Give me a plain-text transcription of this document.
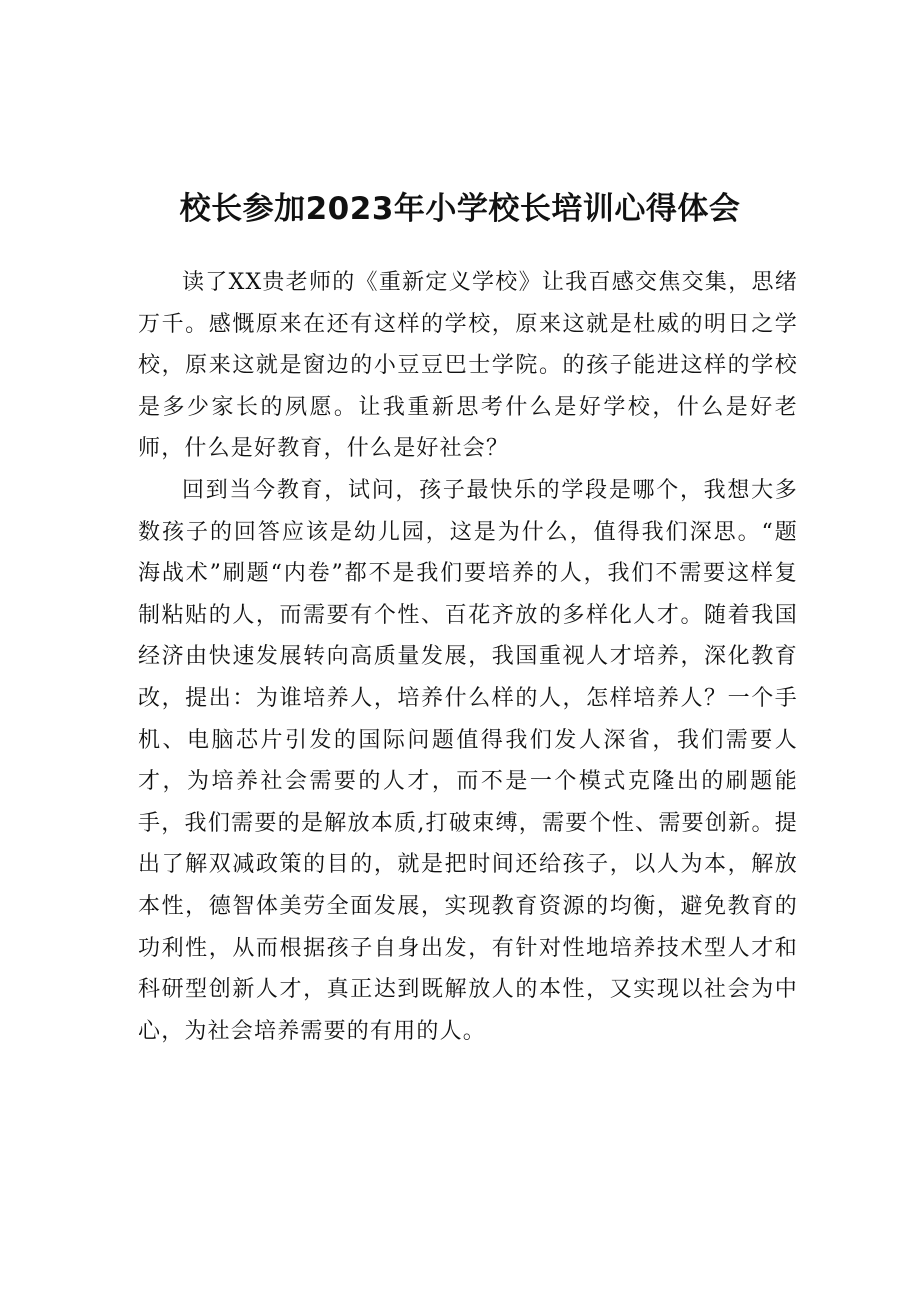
校长参加2023年小学校长培训心得体会

读了XX贵老师的《重新定义学校》让我百感交焦交集，思绪万千。感慨原来在还有这样的学校，原来这就是杜威的明日之学校，原来这就是窗边的小豆豆巴士学院。的孩子能进这样的学校是多少家长的夙愿。让我重新思考什么是好学校，什么是好老师，什么是好教育，什么是好社会？

回到当今教育，试问，孩子最快乐的学段是哪个，我想大多数孩子的回答应该是幼儿园，这是为什么，值得我们深思。“题海战术”刷题“内卷”都不是我们要培养的人，我们不需要这样复制粘贴的人，而需要有个性、百花齐放的多样化人才。随着我国经济由快速发展转向高质量发展，我国重视人才培养，深化教育改，提出：为谁培养人，培养什么样的人，怎样培养人？一个手机、电脑芯片引发的国际问题值得我们发人深省，我们需要人才，为培养社会需要的人才，而不是一个模式克隆出的刷题能手，我们需要的是解放本质,打破束缚，需要个性、需要创新。提出了解双减政策的目的，就是把时间还给孩子，以人为本，解放本性，德智体美劳全面发展，实现教育资源的均衡，避免教育的功利性，从而根据孩子自身出发，有针对性地培养技术型人才和科研型创新人才，真正达到既解放人的本性，又实现以社会为中心，为社会培养需要的有用的人。
